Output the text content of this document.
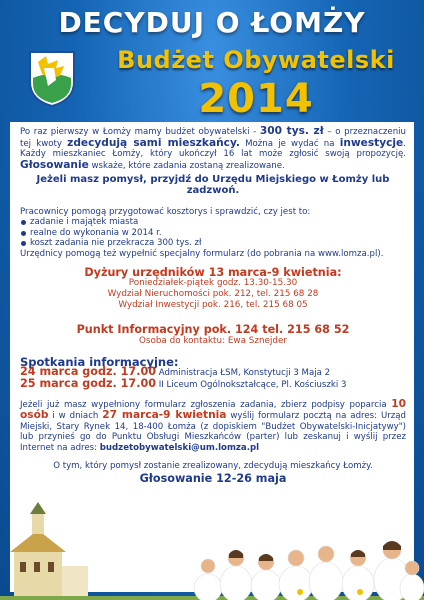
DECYDUJ O ŁOMŻY
Budżet Obywatelski
2014

Po raz pierwszy w Łomży mamy budżet obywatelski - 300 tys. zł – o przeznaczeniu tej kwoty zdecydują sami mieszkańcy. Można je wydać na inwestycje. Każdy mieszkaniec Łomży, który ukończył 16 lat może zgłosić swoją propozycję. Głosowanie wskaże, które zadania zostaną zrealizowane.

Jeżeli masz pomysł, przyjdź do Urzędu Miejskiego w Łomży lub zadzwoń.

Pracownicy pomogą przygotować kosztorys i sprawdzić, czy jest to:

zadanie i majątek miasta
realne do wykonania w 2014 r.
koszt zadania nie przekracza 300 tys. zł

Urzędnicy pomogą też wypełnić specjalny formularz (do pobrania na www.lomza.pl).

Dyżury urzędników 13 marca-9 kwietnia:

Poniedziałek-piątek godz. 13.30-15.30

Wydział Nieruchomości pok. 212, tel. 215 68 28

Wydział Inwestycji pok. 216, tel. 215 68 05

Punkt Informacyjny pok. 124 tel. 215 68 52

Osoba do kontaktu: Ewa Sznejder

Spotkania informacyjne:

24 marca godz. 17.00 Administracja ŁSM, Konstytucji 3 Maja 2

25 marca godz. 17.00 II Liceum Ogólnokształcące, Pl. Kościuszki 3

Jeżeli już masz wypełniony formularz zgłoszenia zadania, zbierz podpisy poparcia 10 osób i w dniach 27 marca-9 kwietnia wyślij formularz pocztą na adres: Urząd Miejski, Stary Rynek 14, 18-400 Łomża (z dopiskiem "Budżet Obywatelski-Inicjatywy") lub przynieś go do Punktu Obsługi Mieszkańców (parter) lub zeskanuj i wyślij przez Internet na adres: budzetobywatelski@um.lomza.pl

O tym, który pomysł zostanie zrealizowany, zdecydują mieszkańcy Łomży.

Głosowanie 12-26 maja
